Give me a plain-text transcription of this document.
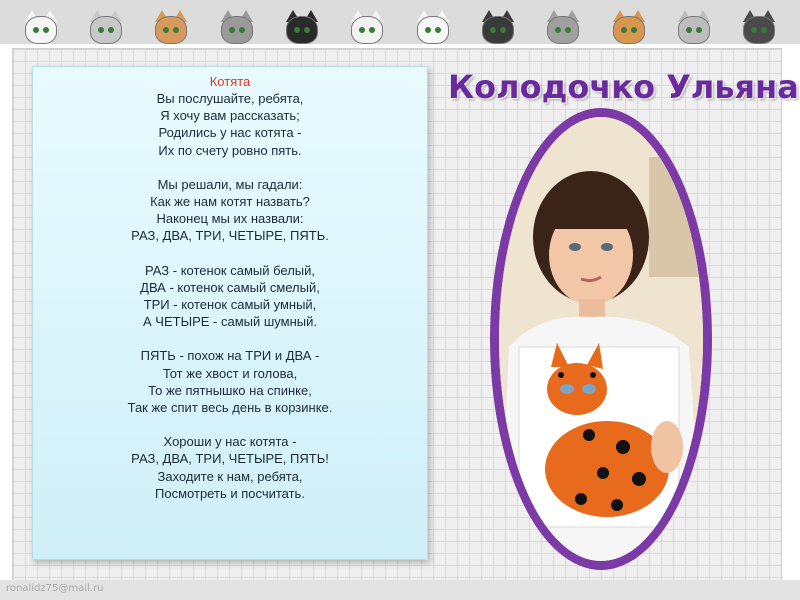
ronalidz75@mail.ru
Котята
Вы послушайте, ребята,
Я хочу вам рассказать;
Родились у нас котята -
Их по счету ровно пять.
Мы решали, мы гадали:
Как же нам котят назвать?
Наконец мы их назвали:
РАЗ, ДВА, ТРИ, ЧЕТЫРЕ, ПЯТЬ.
РАЗ - котенок самый белый,
ДВА - котенок самый смелый,
ТРИ - котенок самый умный,
А ЧЕТЫРЕ - самый шумный.
ПЯТЬ - похож на ТРИ и ДВА -
Тот же хвост и голова,
То же пятнышко на спинке,
Так же спит весь день в корзинке.
Хороши у нас котята -
РАЗ, ДВА, ТРИ, ЧЕТЫРЕ, ПЯТЬ!
Заходите к нам, ребята,
Посмотреть и посчитать.
Колодочко Ульяна
